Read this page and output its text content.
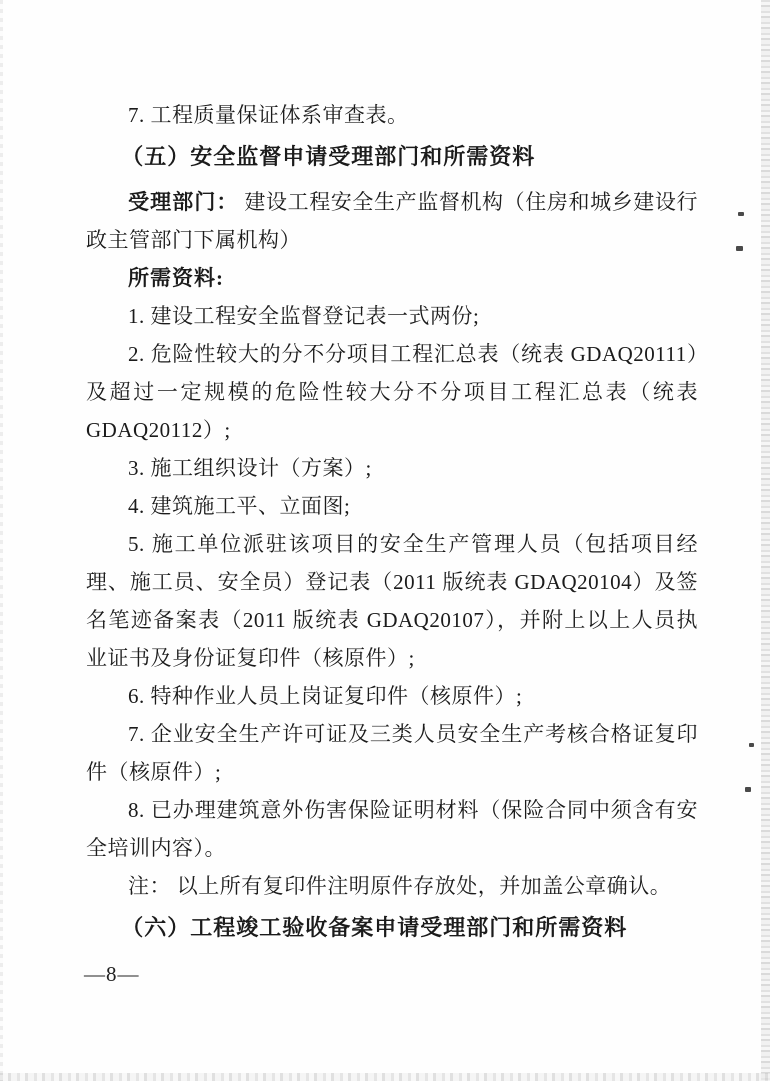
7. 工程质量保证体系审查表。

（五）安全监督申请受理部门和所需资料

受理部门： 建设工程安全生产监督机构（住房和城乡建设行政主管部门下属机构）

所需资料:

1. 建设工程安全监督登记表一式两份;

2. 危险性较大的分不分项目工程汇总表（统表 GDAQ20111）及超过一定规模的危险性较大分不分项目工程汇总表（统表 GDAQ20112）;

3. 施工组织设计（方案）;

4. 建筑施工平、立面图;

5. 施工单位派驻该项目的安全生产管理人员（包括项目经理、施工员、安全员）登记表（2011 版统表 GDAQ20104）及签名笔迹备案表（2011 版统表 GDAQ20107），并附上以上人员执业证书及身份证复印件（核原件）;

6. 特种作业人员上岗证复印件（核原件）;

7. 企业安全生产许可证及三类人员安全生产考核合格证复印件（核原件）;

8. 已办理建筑意外伤害保险证明材料（保险合同中须含有安全培训内容）。

注： 以上所有复印件注明原件存放处，并加盖公章确认。

（六）工程竣工验收备案申请受理部门和所需资料

—8—
